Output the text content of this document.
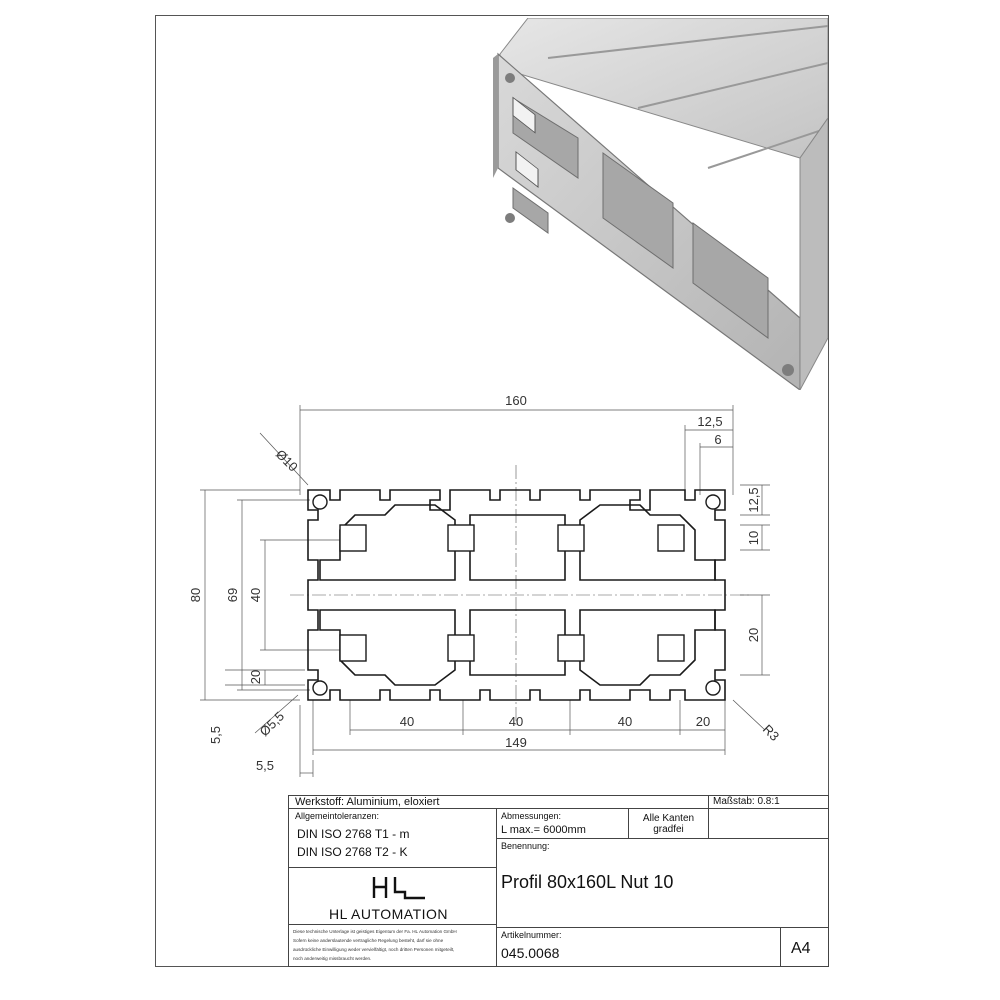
160
12,5
6
Ø10
80 69 40
20
12,5
10
20
Ø5,5
5,5
5,5
40	40	40	20
149	R3
Werkstoff: Aluminium, eloxiert	Maßstab: 0.8:1
Allgemeintoleranzen:
DIN ISO 2768 T1 - m
DIN ISO 2768 T2 - K
Abmessungen:
L max.= 6000mm
Alle Kanten
gradfei
Benennung:
Profil 80x160L Nut 10
HL AUTOMATION
Diese technische Unterlage ist geistiges Eigentum der Fa. HL Automation GmbH
Sofern keine anderslautende vertragliche Regelung besteht, darf sie ohne
ausdrückliche Einwilligung weder vervielfältigt, noch dritten Personen mitgeteilt,
noch anderweitig missbraucht werden.
Artikelnummer:
045.0068	A4
